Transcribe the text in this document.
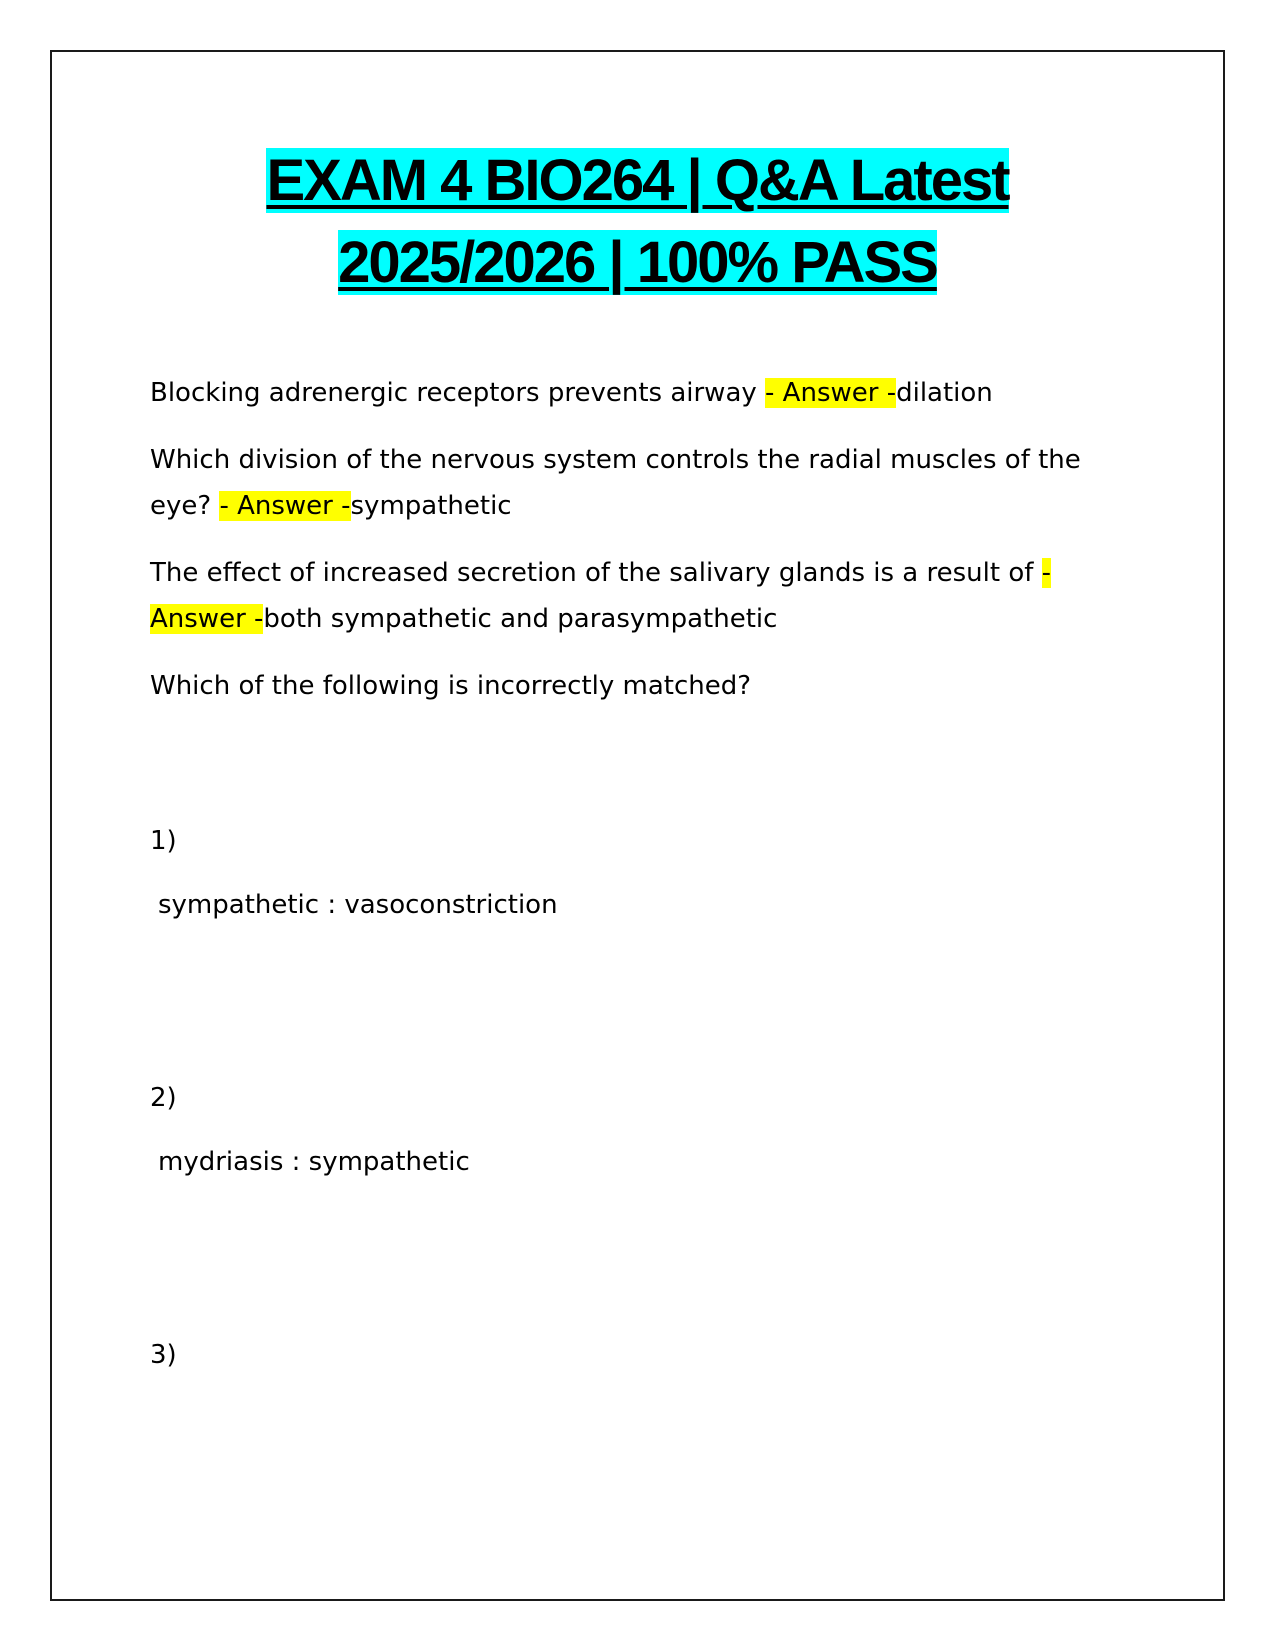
EXAM 4 BIO264 | Q&A Latest
2025/2026 | 100% PASS

Blocking adrenergic receptors prevents airway - Answer -dilation

Which division of the nervous system controls the radial muscles of the eye? - Answer -sympathetic

The effect of increased secretion of the salivary glands is a result of - Answer -both sympathetic and parasympathetic

Which of the following is incorrectly matched?

1)
sympathetic : vasoconstriction
2)
mydriasis : sympathetic
3)
